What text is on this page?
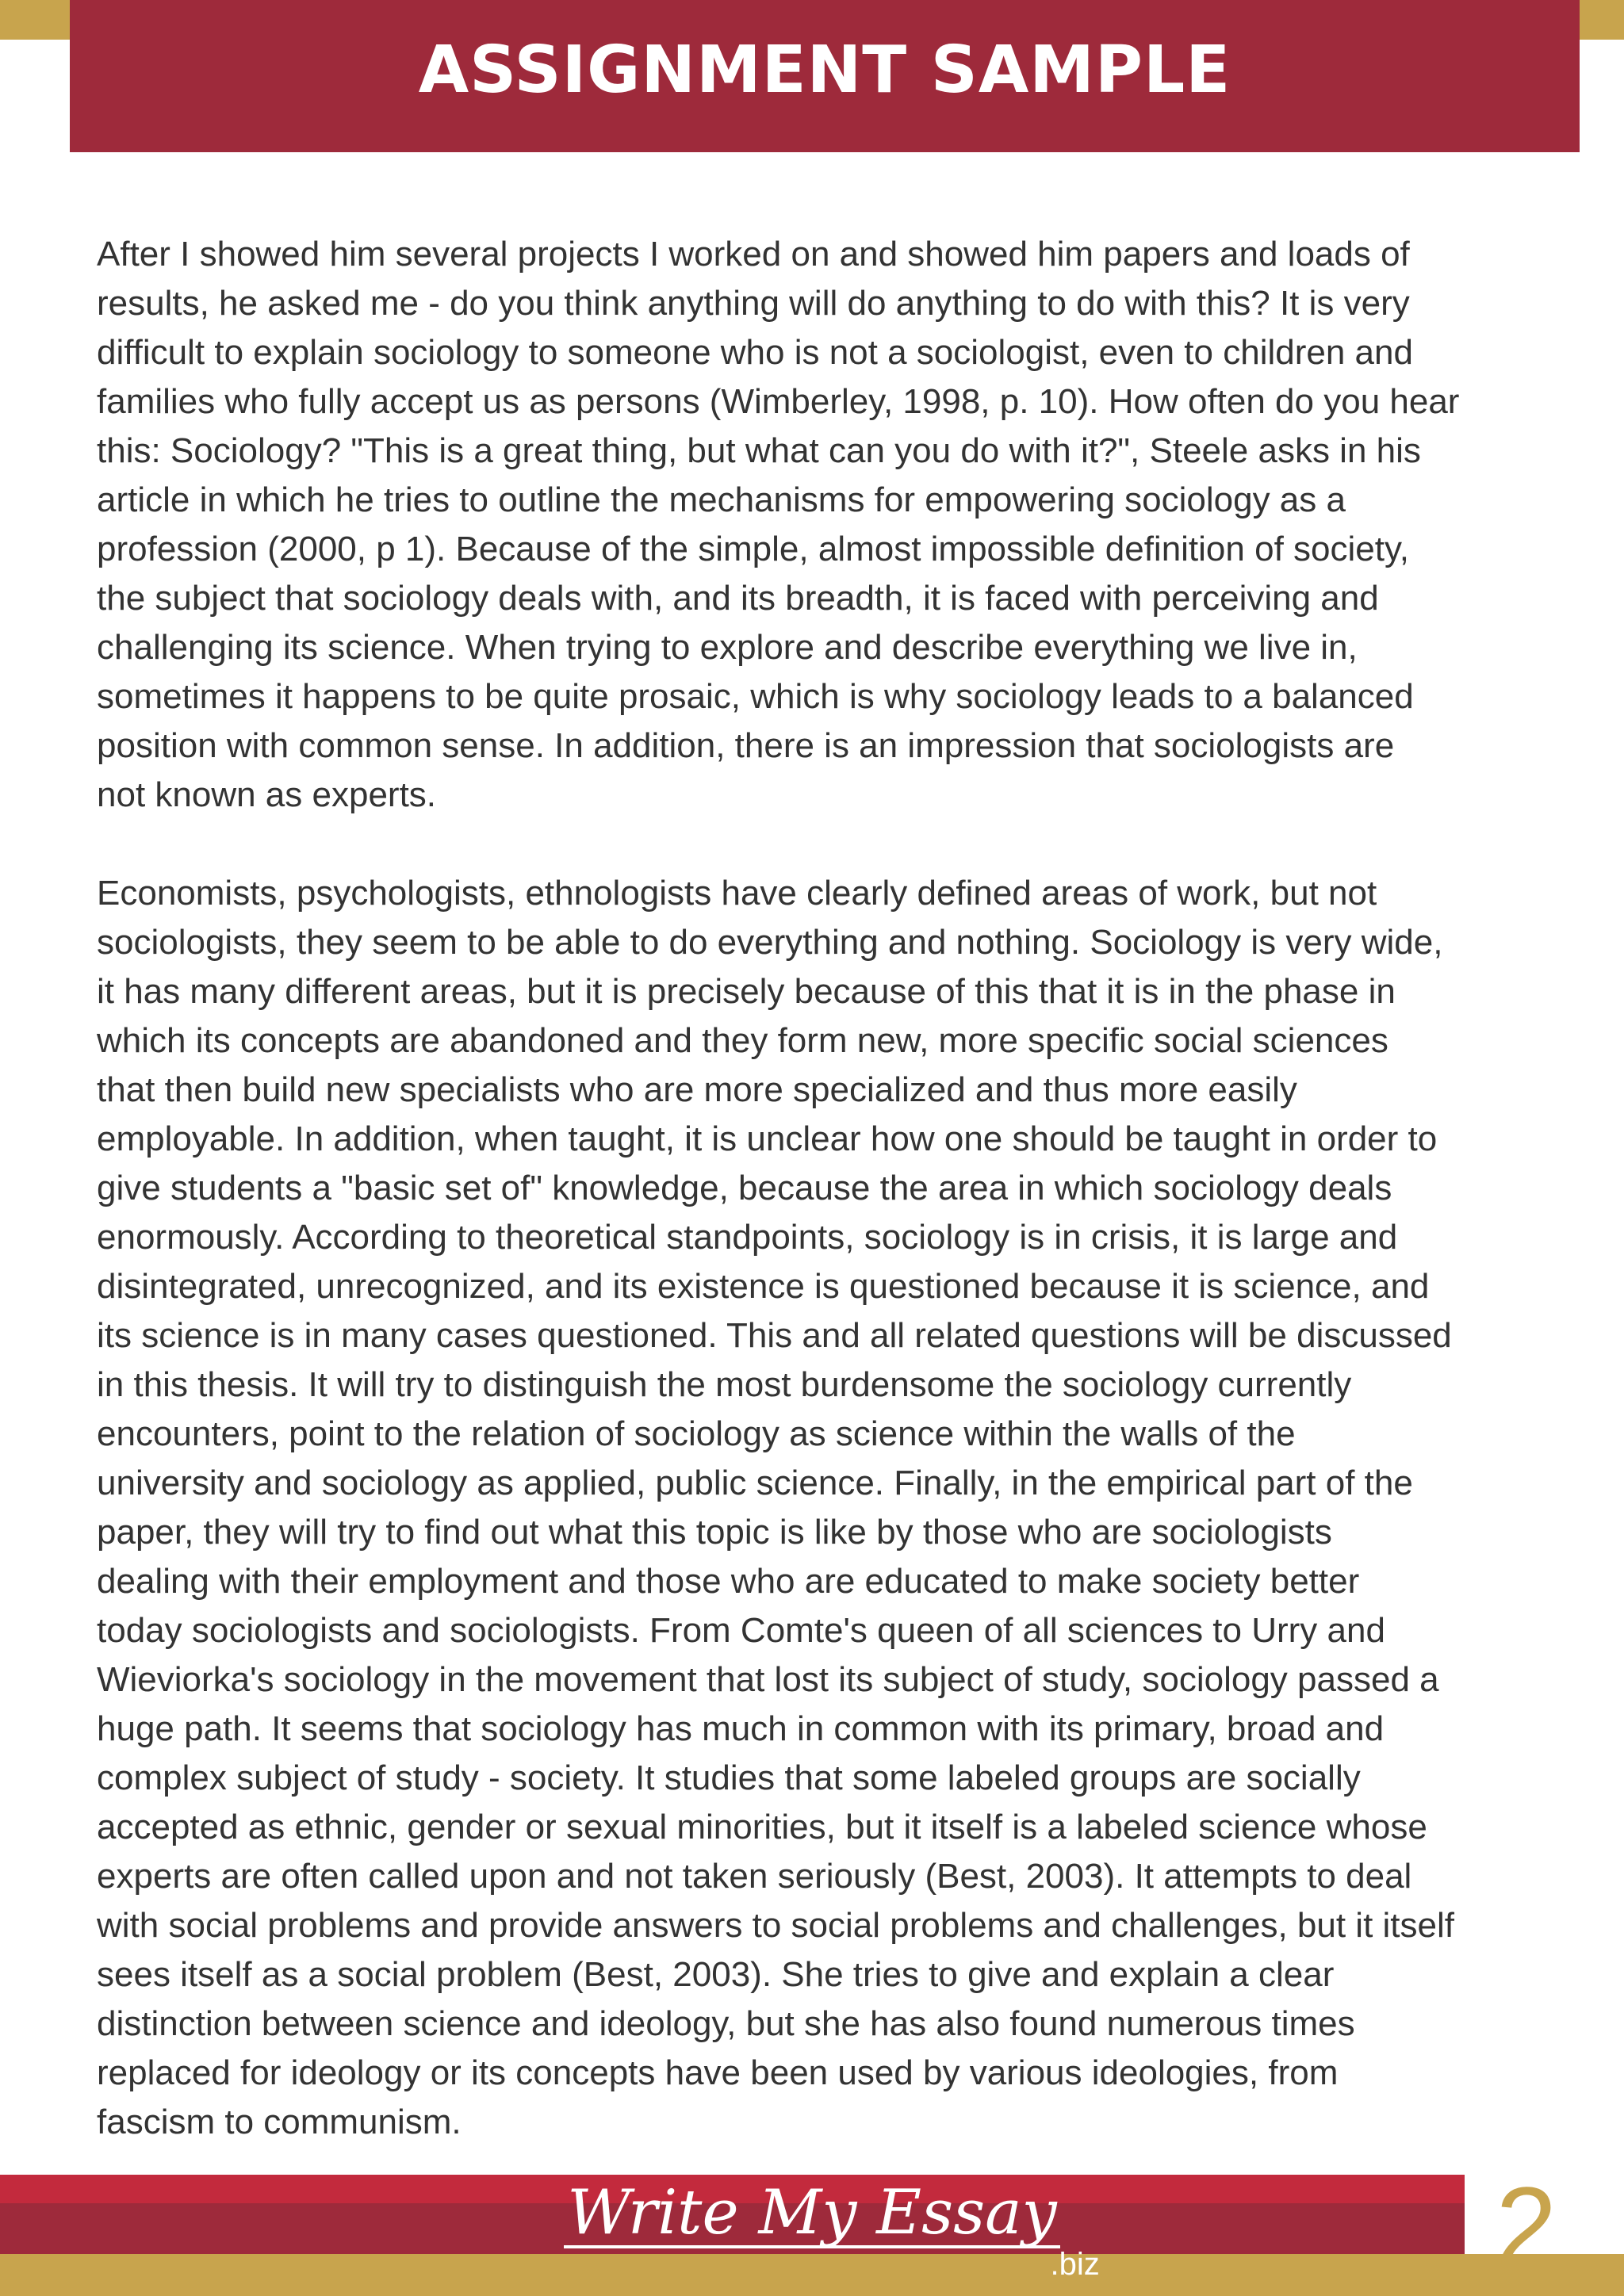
ASSIGNMENT SAMPLE

After I showed him several projects I worked on and showed him papers and loads of
results, he asked me - do you think anything will do anything to do with this? It is very
difficult to explain sociology to someone who is not a sociologist, even to children and
families who fully accept us as persons (Wimberley, 1998, p. 10). How often do you hear
this: Sociology? "This is a great thing, but what can you do with it?", Steele asks in his
article in which he tries to outline the mechanisms for empowering sociology as a
profession (2000, p 1). Because of the simple, almost impossible definition of society,
the subject that sociology deals with, and its breadth, it is faced with perceiving and
challenging its science. When trying to explore and describe everything we live in,
sometimes it happens to be quite prosaic, which is why sociology leads to a balanced
position with common sense. In addition, there is an impression that sociologists are
not known as experts.

Economists, psychologists, ethnologists have clearly defined areas of work, but not
sociologists, they seem to be able to do everything and nothing. Sociology is very wide,
it has many different areas, but it is precisely because of this that it is in the phase in
which its concepts are abandoned and they form new, more specific social sciences
that then build new specialists who are more specialized and thus more easily
employable. In addition, when taught, it is unclear how one should be taught in order to
give students a "basic set of" knowledge, because the area in which sociology deals
enormously. According to theoretical standpoints, sociology is in crisis, it is large and
disintegrated, unrecognized, and its existence is questioned because it is science, and
its science is in many cases questioned. This and all related questions will be discussed
in this thesis. It will try to distinguish the most burdensome the sociology currently
encounters, point to the relation of sociology as science within the walls of the
university and sociology as applied, public science. Finally, in the empirical part of the
paper, they will try to find out what this topic is like by those who are sociologists
dealing with their employment and those who are educated to make society better
today sociologists and sociologists. From Comte's queen of all sciences to Urry and
Wieviorka's sociology in the movement that lost its subject of study, sociology passed a
huge path. It seems that sociology has much in common with its primary, broad and
complex subject of study - society. It studies that some labeled groups are socially
accepted as ethnic, gender or sexual minorities, but it itself is a labeled science whose
experts are often called upon and not taken seriously (Best, 2003). It attempts to deal
with social problems and provide answers to social problems and challenges, but it itself
sees itself as a social problem (Best, 2003). She tries to give and explain a clear
distinction between science and ideology, but she has also found numerous times
replaced for ideology or its concepts have been used by various ideologies, from
fascism to communism.

Write My Essay
.biz	2
